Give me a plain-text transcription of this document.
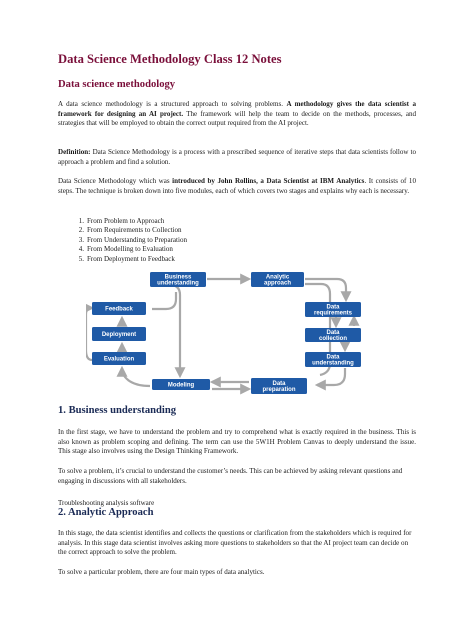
Data Science Methodology Class 12 Notes
Data science methodology

A data science methodology is a structured approach to solving problems. A methodology gives the data scientist a framework for designing an AI project. The framework will help the team to decide on the methods, processes, and strategies that will be employed to obtain the correct output required from the AI project.

Definition: Data Science Methodology is a process with a prescribed sequence of iterative steps that data scientists follow to approach a problem and find a solution.

Data Science Methodology which was introduced by John Rollins, a Data Scientist at IBM Analytics. It consists of 10 steps. The technique is broken down into five modules, each of which covers two stages and explains why each is necessary.

1. From Problem to Approach
2. From Requirements to Collection
3. From Understanding to Preparation
4. From Modelling to Evaluation
5. From Deployment to Feedback
Business
understanding
Analytic
approach
Data
requirements
Data
collection
Data
understanding
Data
preparation
Modeling
Evaluation
Deployment
Feedback
1. Business understanding

In the first stage, we have to understand the problem and try to comprehend what is exactly required in the business. This is also known as problem scoping and defining. The term can use the 5W1H Problem Canvas to deeply understand the issue. This stage also involves using the Design Thinking Framework.

To solve a problem, it’s crucial to understand the customer’s needs. This can be achieved by asking relevant questions and engaging in discussions with all stakeholders.

Troubleshooting analysis software

2. Analytic Approach

In this stage, the data scientist identifies and collects the questions or clarification from the stakeholders which is required for analysis. In this stage data scientist involves asking more questions to stakeholders so that the AI project team can decide on the correct approach to solve the problem.

To solve a particular problem, there are four main types of data analytics.
